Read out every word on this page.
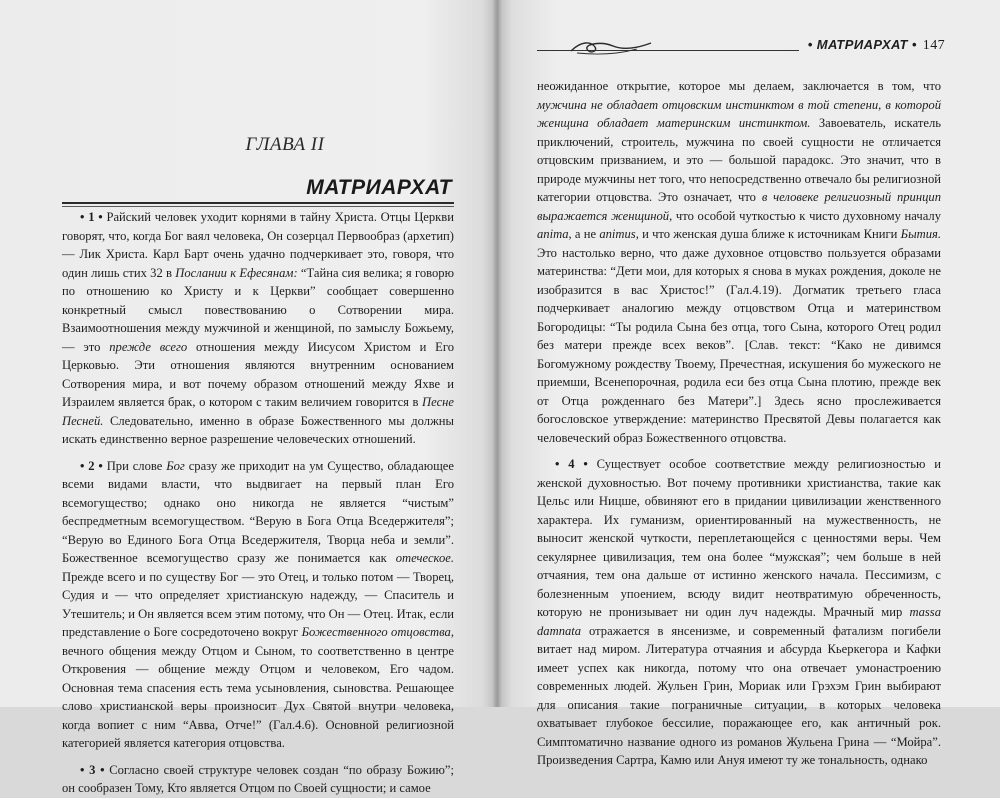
ГЛАВА II
МАТРИАРХАТ

• 1 • Райский человек уходит корнями в тайну Христа. Отцы Церкви говорят, что, когда Бог ваял человека, Он созерцал Первообраз (архетип) — Лик Христа. Карл Барт очень удачно подчеркивает это, говоря, что один лишь стих 32 в Послании к Ефесянам: “Тайна сия велика; я говорю по отношению ко Христу и к Церкви” сообщает совершенно конкретный смысл повествованию о Сотворении мира. Взаимоотношения между мужчиной и женщиной, по замыслу Божьему, — это прежде всего отношения между Иисусом Христом и Его Церковью. Эти отношения являются внутренним основанием Сотворения мира, и вот почему образом отношений между Яхве и Израилем является брак, о котором с таким величием говорится в Песне Песней. Следовательно, именно в образе Божественного мы должны искать единственно верное разрешение человеческих отношений.

• 2 • При слове Бог сразу же приходит на ум Существо, обладающее всеми видами власти, что выдвигает на первый план Его всемогущество; однако оно никогда не является “чистым” беспредметным всемогуществом. “Верую в Бога Отца Вседержителя”; “Верую во Единого Бога Отца Вседержителя, Творца неба и земли”. Божественное всемогущество сразу же понимается как отеческое. Прежде всего и по существу Бог — это Отец, и только потом — Творец, Судия и — что определяет христианскую надежду, — Спаситель и Утешитель; и Он является всем этим потому, что Он — Отец. Итак, если представление о Боге сосредоточено вокруг Божественного отцовства, вечного общения между Отцом и Сыном, то соответственно в центре Откровения — общение между Отцом и человеком, Его чадом. Основная тема спасения есть тема усыновления, сыновства. Решающее слово христианской веры произносит Дух Святой внутри человека, когда вопиет с ним “Авва, Отче!” (Гал.4.6). Основной религиозной категорией является категория отцовства.

• 3 • Согласно своей структуре человек создан “по образу Божию”; он сообразен Тому, Кто является Отцом по Своей сущности; и самое

• МАТРИАРХАТ • 147

неожиданное открытие, которое мы делаем, заключается в том, что мужчина не обладает отцовским инстинктом в той степени, в которой женщина обладает материнским инстинктом. Завоеватель, искатель приключений, строитель, мужчина по своей сущности не отличается отцовским призванием, и это — большой парадокс. Это значит, что в природе мужчины нет того, что непосредственно отвечало бы религиозной категории отцовства. Это означает, что в человеке религиозный принцип выражается женщиной, что особой чуткостью к чисто духовному началу anima, а не animus, и что женская душа ближе к источникам Книги Бытия. Это настолько верно, что даже духовное отцовство пользуется образами материнства: “Дети мои, для которых я снова в муках рождения, доколе не изобразится в вас Христос!” (Гал.4.19). Догматик третьего гласа подчеркивает аналогию между отцовством Отца и материнством Богородицы: “Ты родила Сына без отца, того Сына, которого Отец родил без матери прежде всех веков”. [Слав. текст: “Како не дивимся Богомужному рождеству Твоему, Пречестная, искушения бо мужеского не приемши, Всенепорочная, родила еси без отца Сына плотию, прежде век от Отца рожденнаго без Матери”.] Здесь ясно прослеживается богословское утверждение: материнство Пресвятой Девы полагается как человеческий образ Божественного отцовства.

• 4 • Существует особое соответствие между религиозностью и женской духовностью. Вот почему противники христианства, такие как Цельс или Ницше, обвиняют его в придании цивилизации женственного характера. Их гуманизм, ориентированный на мужественность, не выносит женской чуткости, переплетающейся с ценностями веры. Чем секулярнее цивилизация, тем она более “мужская”; чем больше в ней отчаяния, тем она дальше от истинно женского начала. Пессимизм, с болезненным упоением, всюду видит неотвратимую обреченность, которую не пронизывает ни один луч надежды. Мрачный мир massa damnata отражается в янсенизме, и современный фатализм погибели витает над миром. Литература отчаяния и абсурда Кьеркегора и Кафки имеет успех как никогда, потому что она отвечает умонастроению современных людей. Жульен Грин, Мориак или Грэхэм Грин выбирают для описания такие пограничные ситуации, в которых человека охватывает глубокое бессилие, поражающее его, как античный рок. Симптоматично название одного из романов Жульена Грина — “Мойра”. Произведения Сартра, Камю или Ануя имеют ту же тональность, однако
